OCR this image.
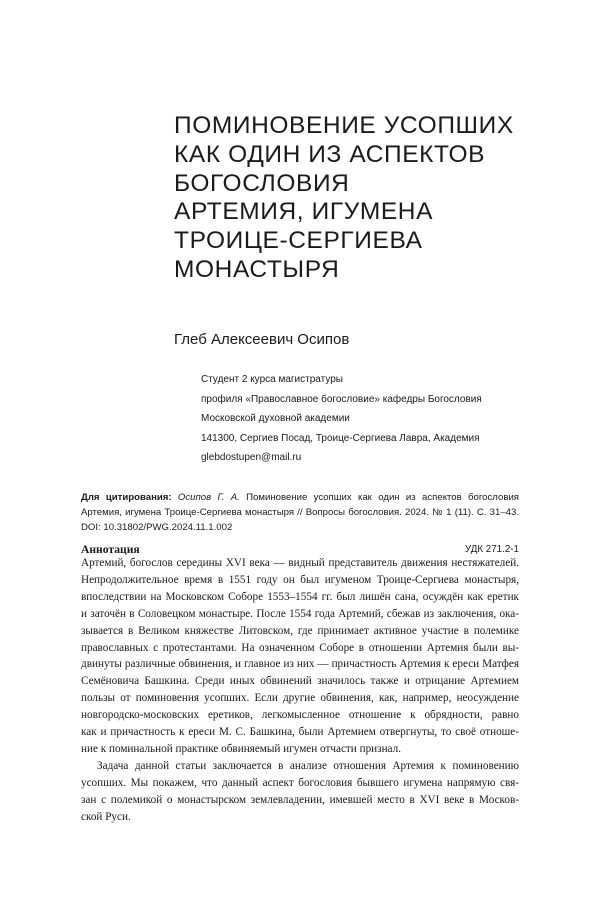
ПОМИНОВЕНИЕ УСОПШИХ
КАК ОДИН ИЗ АСПЕКТОВ
БОГОСЛОВИЯ
АРТЕМИЯ, ИГУМЕНА
ТРОИЦЕ-СЕРГИЕВА
МОНАСТЫРЯ
Глеб Алексеевич Осипов
Студент 2 курса магистратуры
профиля «Православное богословие» кафедры Богословия
Московской духовной академии
141300, Сергиев Посад, Троице-Сергиева Лавра, Академия
glebdostupen@mail.ru
Для цитирования: Осипов Г. А. Поминовение усопших как один из аспектов богословия Артемия, игумена Троице-Сергиева монастыря // Вопросы богословия. 2024. № 1 (11). С. 31–43. DOI: 10.31802/PWG.2024.11.1.002
Аннотация	УДК 271.2-1
Артемий, богослов середины XVI века — видный представитель движения нестяжателей.
Непродолжительное время в 1551 году он был игуменом Троице-Сергиева монастыря,
впоследствии на Московском Соборе 1553–1554 гг. был лишён сана, осуждён как еретик
и заточён в Соловецком монастыре. После 1554 года Артемий, сбежав из заключения, ока-
зывается в Великом княжестве Литовском, где принимает активное участие в полемике
православных с протестантами. На означенном Соборе в отношении Артемия были вы-
двинуты различные обвинения, и главное из них — причастность Артемия к ереси Матфея
Семёновича Башкина. Среди иных обвинений значилось также и отрицание Артемием
пользы от поминовения усопших. Если другие обвинения, как, например, неосуждение
новгородско-московских еретиков, легкомысленное отношение к обрядности, равно
как и причастность к ереси М. С. Башкина, были Артемием отвергнуты, то своё отноше-
ние к поминальной практике обвиняемый игумен отчасти признал.
Задача данной статьи заключается в анализе отношения Артемия к поминовению
усопших. Мы покажем, что данный аспект богословия бывшего игумена напрямую свя-
зан с полемикой о монастырском землевладении, имевшей место в XVI веке в Москов-
ской Руси.
